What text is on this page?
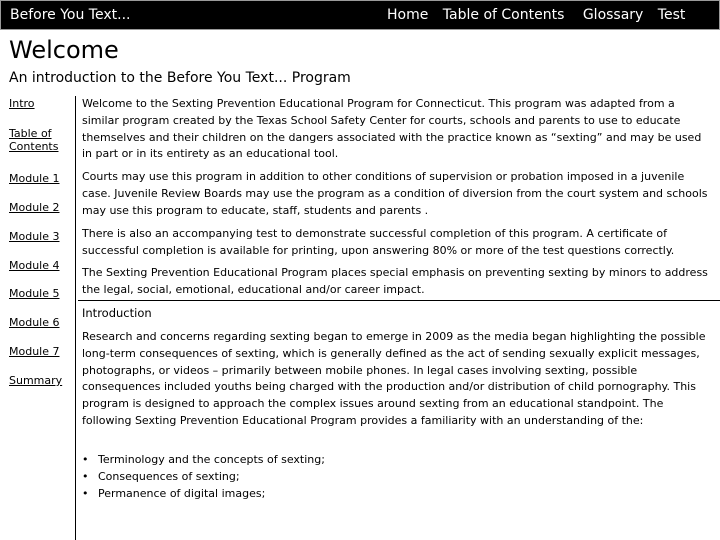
Before You Text...	Home Table of Contents Glossary Test
Welcome
An introduction to the Before You Text... Program
Intro
Table of Contents
Module 1
Module 2
Module 3
Module 4
Module 5
Module 6
Module 7
Summary

Welcome to the Sexting Prevention Educational Program for Connecticut. This program was adapted from a similar program created by the Texas School Safety Center for courts, schools and parents to use to educate themselves and their children on the dangers associated with the practice known as “sexting” and may be used in part or in its entirety as an educational tool.

Courts may use this program in addition to other conditions of supervision or probation imposed in a juvenile case. Juvenile Review Boards may use the program as a condition of diversion from the court system and schools may use this program to educate, staff, students and parents .

There is also an accompanying test to demonstrate successful completion of this program. A certificate of successful completion is available for printing, upon answering 80% or more of the test questions correctly.

The Sexting Prevention Educational Program places special emphasis on preventing sexting by minors to address the legal, social, emotional, educational and/or career impact.

Introduction

Research and concerns regarding sexting began to emerge in 2009 as the media began highlighting the possible long-term consequences of sexting, which is generally defined as the act of sending sexually explicit messages, photographs, or videos – primarily between mobile phones. In legal cases involving sexting, possible consequences included youths being charged with the production and/or distribution of child pornography. This program is designed to approach the complex issues around sexting from an educational standpoint. The following Sexting Prevention Educational Program provides a familiarity with an understanding of the:

• Terminology and the concepts of sexting;
• Consequences of sexting;
• Permanence of digital images;
